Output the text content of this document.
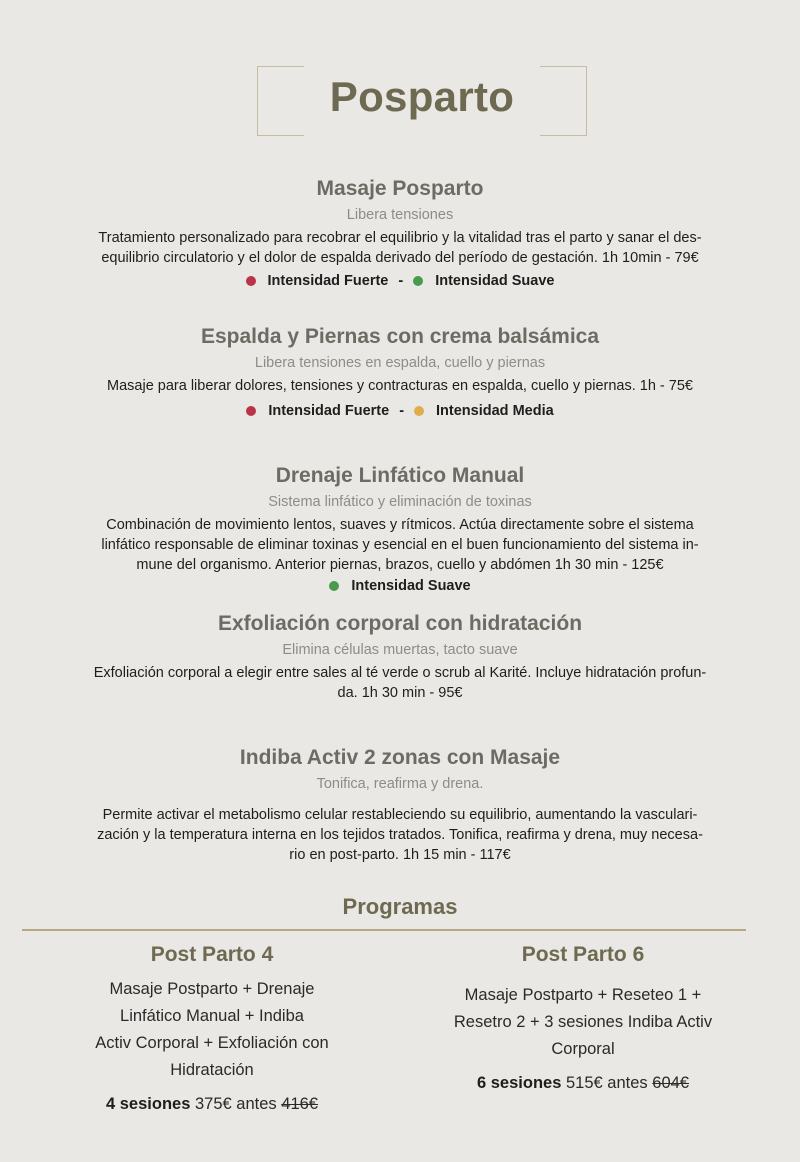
Posparto
Masaje Posparto
Libera tensiones
Tratamiento personalizado para recobrar el equilibrio y la vitalidad tras el parto y sanar el des-
equilibrio circulatorio y el dolor de espalda derivado del período de gestación. 1h 10min - 79€
Intensidad Fuerte - Intensidad Suave
Espalda y Piernas con crema balsámica
Libera tensiones en espalda, cuello y piernas
Masaje para liberar dolores, tensiones y contracturas en espalda, cuello y piernas. 1h - 75€
Intensidad Fuerte - Intensidad Media
Drenaje Linfático Manual
Sistema linfático y eliminación de toxinas
Combinación de movimiento lentos, suaves y rítmicos. Actúa directamente sobre el sistema
linfático responsable de eliminar toxinas y esencial en el buen funcionamiento del sistema in-
mune del organismo. Anterior piernas, brazos, cuello y abdómen 1h 30 min - 125€
Intensidad Suave
Exfoliación corporal con hidratación
Elimina células muertas, tacto suave
Exfoliación corporal a elegir entre sales al té verde o scrub al Karité. Incluye hidratación profun-
da. 1h 30 min - 95€
Indiba Activ 2 zonas con Masaje
Tonifica, reafirma y drena.
Permite activar el metabolismo celular restableciendo su equilibrio, aumentando la vasculari-
zación y la temperatura interna en los tejidos tratados. Tonifica, reafirma y drena, muy necesa-
rio en post-parto. 1h 15 min - 117€
Programas
Post Parto 4
Masaje Postparto + Drenaje
Linfático Manual + Indiba
Activ Corporal + Exfoliación con
Hidratación
4 sesiones 375€ antes 416€
Post Parto 6
Masaje Postparto + Reseteo 1 +
Resetro 2 + 3 sesiones Indiba Activ
Corporal
6 sesiones 515€ antes 604€
